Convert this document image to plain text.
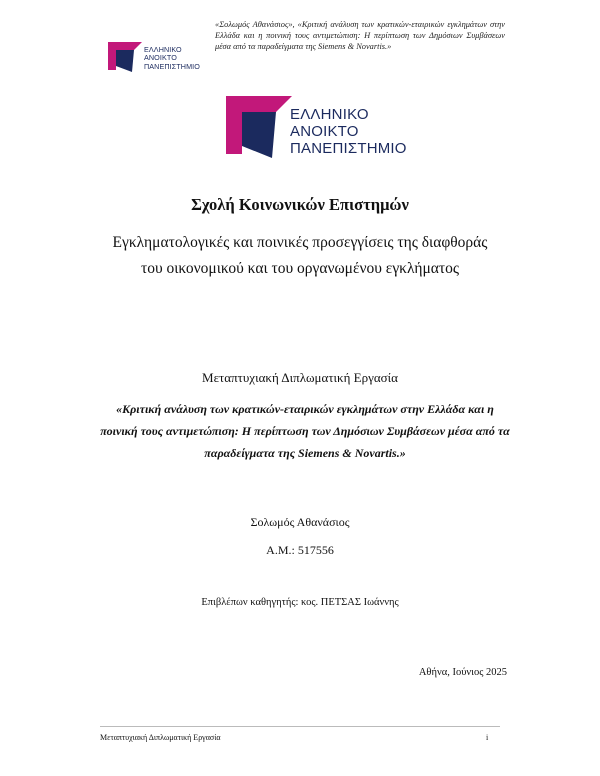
ΕΛΛΗΝΙΚΟ
ΑΝΟΙΚΤΟ
ΠΑΝΕΠΙΣΤΗΜΙΟ
«Σολωμός Αθανάσιος», «Κριτική ανάλυση των κρατικών-εταιρικών εγκλημάτων στην Ελλάδα και η ποινική τους αντιμετώπιση: Η περίπτωση των Δημόσιων Συμβάσεων μέσα από τα παραδείγματα της Siemens & Novartis.»
ΕΛΛΗΝΙΚΟ
ΑΝΟΙΚΤΟ
ΠΑΝΕΠΙΣΤΗΜΙΟ
Σχολή Κοινωνικών Επιστημών
Εγκληματολογικές και ποινικές προσεγγίσεις της διαφθοράς
του οικονομικού και του οργανωμένου εγκλήματος
Μεταπτυχιακή Διπλωματική Εργασία
«Κριτική ανάλυση των κρατικών-εταιρικών εγκλημάτων στην Ελλάδα και η ποινική τους αντιμετώπιση: Η περίπτωση των Δημόσιων Συμβάσεων μέσα από τα παραδείγματα της Siemens & Novartis.»
Σολωμός Αθανάσιος
Α.Μ.: 517556
Επιβλέπων καθηγητής: κος. ΠΕΤΣΑΣ Ιωάννης
Αθήνα, Ιούνιος 2025
Μεταπτυχιακή Διπλωματική Εργασία	i
